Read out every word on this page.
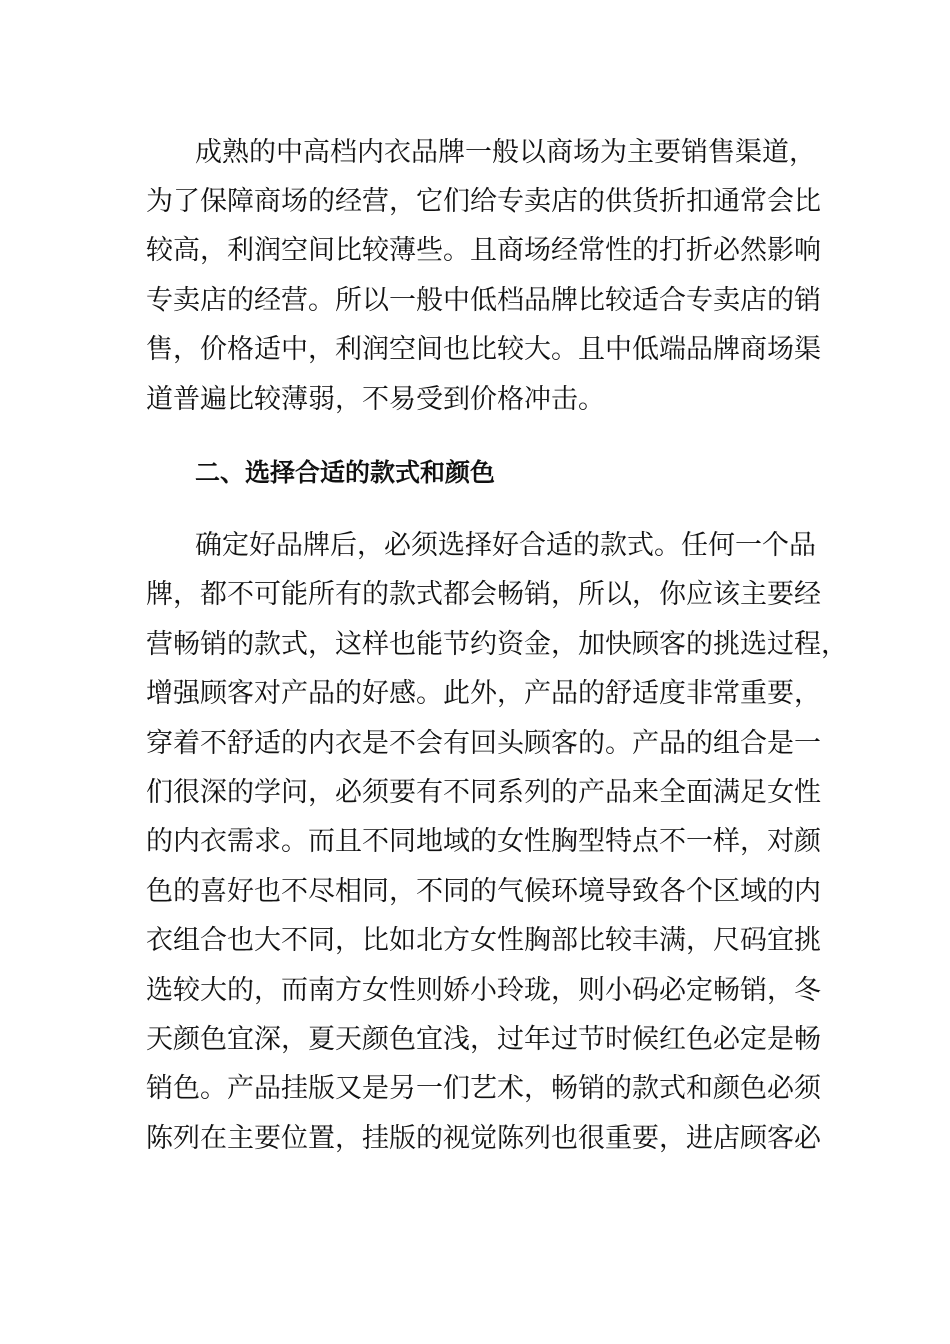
成熟的中高档内衣品牌一般以商场为主要销售渠道，
为了保障商场的经营，它们给专卖店的供货折扣通常会比
较高，利润空间比较薄些。且商场经常性的打折必然影响
专卖店的经营。所以一般中低档品牌比较适合专卖店的销
售，价格适中，利润空间也比较大。且中低端品牌商场渠
道普遍比较薄弱，不易受到价格冲击。
二、选择合适的款式和颜色
确定好品牌后，必须选择好合适的款式。任何一个品
牌，都不可能所有的款式都会畅销，所以，你应该主要经
营畅销的款式，这样也能节约资金，加快顾客的挑选过程，
增强顾客对产品的好感。此外，产品的舒适度非常重要，
穿着不舒适的内衣是不会有回头顾客的。产品的组合是一
们很深的学问，必须要有不同系列的产品来全面满足女性
的内衣需求。而且不同地域的女性胸型特点不一样，对颜
色的喜好也不尽相同，不同的气候环境导致各个区域的内
衣组合也大不同，比如北方女性胸部比较丰满，尺码宜挑
选较大的，而南方女性则娇小玲珑，则小码必定畅销，冬
天颜色宜深，夏天颜色宜浅，过年过节时候红色必定是畅
销色。产品挂版又是另一们艺术，畅销的款式和颜色必须
陈列在主要位置，挂版的视觉陈列也很重要，进店顾客必
